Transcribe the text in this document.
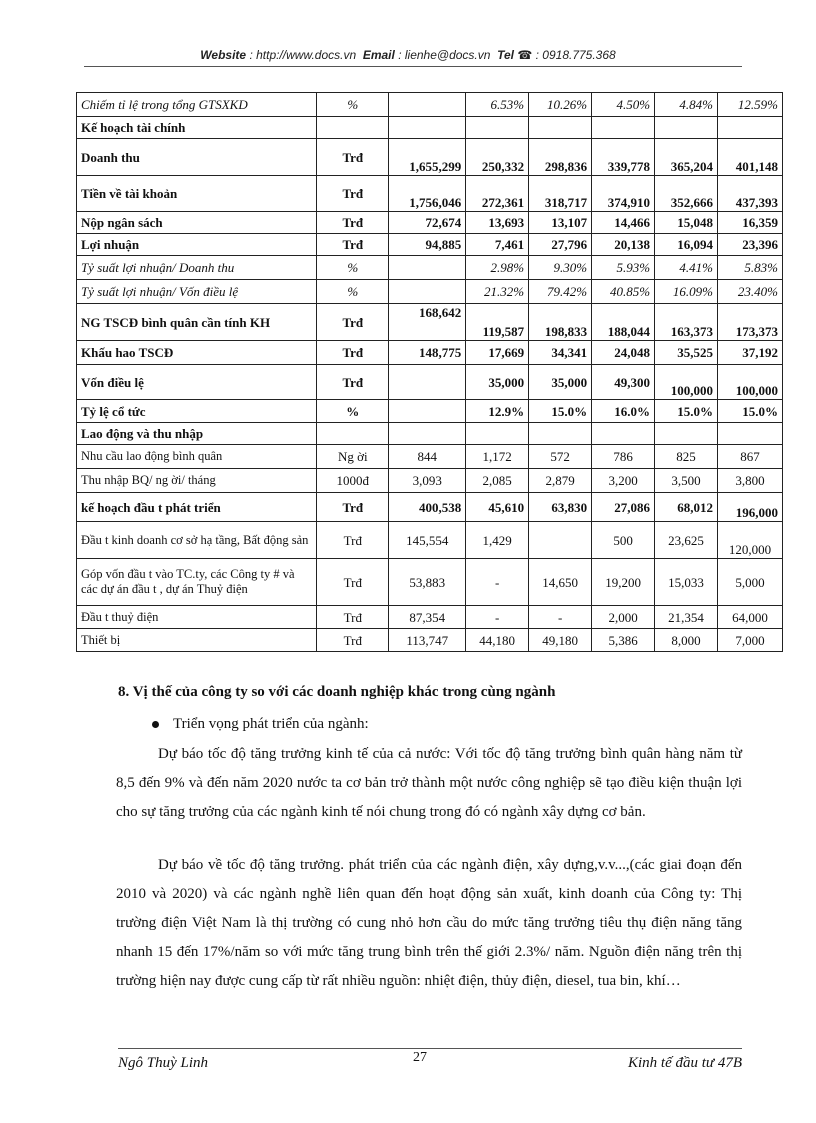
Website : http://www.docs.vn Email : lienhe@docs.vn Tel ☎ : 0918.775.368
Chiếm tỉ lệ trong tổng GTSXKD	%		6.53%	10.26%	4.50%	4.84%	12.59%
Kế hoạch tài chính							
Doanh thu	Trđ	1,655,299	250,332	298,836	339,778	365,204	401,148
Tiền về tài khoản	Trđ	1,756,046	272,361	318,717	374,910	352,666	437,393
Nộp ngân sách	Trđ	72,674	13,693	13,107	14,466	15,048	16,359
Lợi nhuận	Trđ	94,885	7,461	27,796	20,138	16,094	23,396
Tỷ suất lợi nhuận/ Doanh thu	%		2.98%	9.30%	5.93%	4.41%	5.83%
Tỷ suất lợi nhuận/ Vốn điều lệ	%		21.32%	79.42%	40.85%	16.09%	23.40%
NG TSCĐ bình quân cần tính KH	Trđ	168,642	119,587	198,833	188,044	163,373	173,373
Khấu hao TSCĐ	Trđ	148,775	17,669	34,341	24,048	35,525	37,192
Vốn điều lệ	Trđ		35,000	35,000	49,300	100,000	100,000
Tỷ lệ cổ tức	%		12.9%	15.0%	16.0%	15.0%	15.0%
Lao động và thu nhập							
Nhu cầu lao động bình quân	Ng ời	844	1,172	572	786	825	867
Thu nhập BQ/ ng ời/ tháng	1000đ	3,093	2,085	2,879	3,200	3,500	3,800
kế hoạch đầu t phát triển	Trđ	400,538	45,610	63,830	27,086	68,012	196,000
Đầu t kinh doanh cơ sở hạ tầng, Bất động sản	Trđ	145,554	1,429		500	23,625	120,000
Góp vốn đầu t vào TC.ty, các Công ty # và các dự án đầu t , dự án Thuỷ điện	Trđ	53,883	-	14,650	19,200	15,033	5,000
Đầu t thuỷ điện	Trđ	87,354	-	-	2,000	21,354	64,000
Thiết bị	Trđ	113,747	44,180	49,180	5,386	8,000	7,000
8. Vị thế của công ty so với các doanh nghiệp khác trong cùng ngành
Triển vọng phát triển của ngành:

Dự báo tốc độ tăng trưởng kinh tế của cả nước: Với tốc độ tăng trưởng bình quân hàng năm từ 8,5 đến 9% và đến năm 2020 nước ta cơ bản trở thành một nước công nghiệp sẽ tạo điều kiện thuận lợi cho sự tăng trưởng của các ngành kinh tế nói chung trong đó có ngành xây dựng cơ bản.

Dự báo về tốc độ tăng trưởng. phát triển của các ngành điện, xây dựng,v.v...,(các giai đoạn đến 2010 và 2020) và các ngành nghề liên quan đến hoạt động sản xuất, kinh doanh của Công ty: Thị trường điện Việt Nam là thị trường có cung nhỏ hơn cầu do mức tăng trưởng tiêu thụ điện năng tăng nhanh 15 đến 17%/năm so với mức tăng trung bình trên thế giới 2.3%/ năm. Nguồn điện năng trên thị trường hiện nay được cung cấp từ rất nhiều nguồn: nhiệt điện, thủy điện, diesel, tua bin, khí…

Ngô Thuỳ Linh	27	Kinh tế đầu tư 47B
